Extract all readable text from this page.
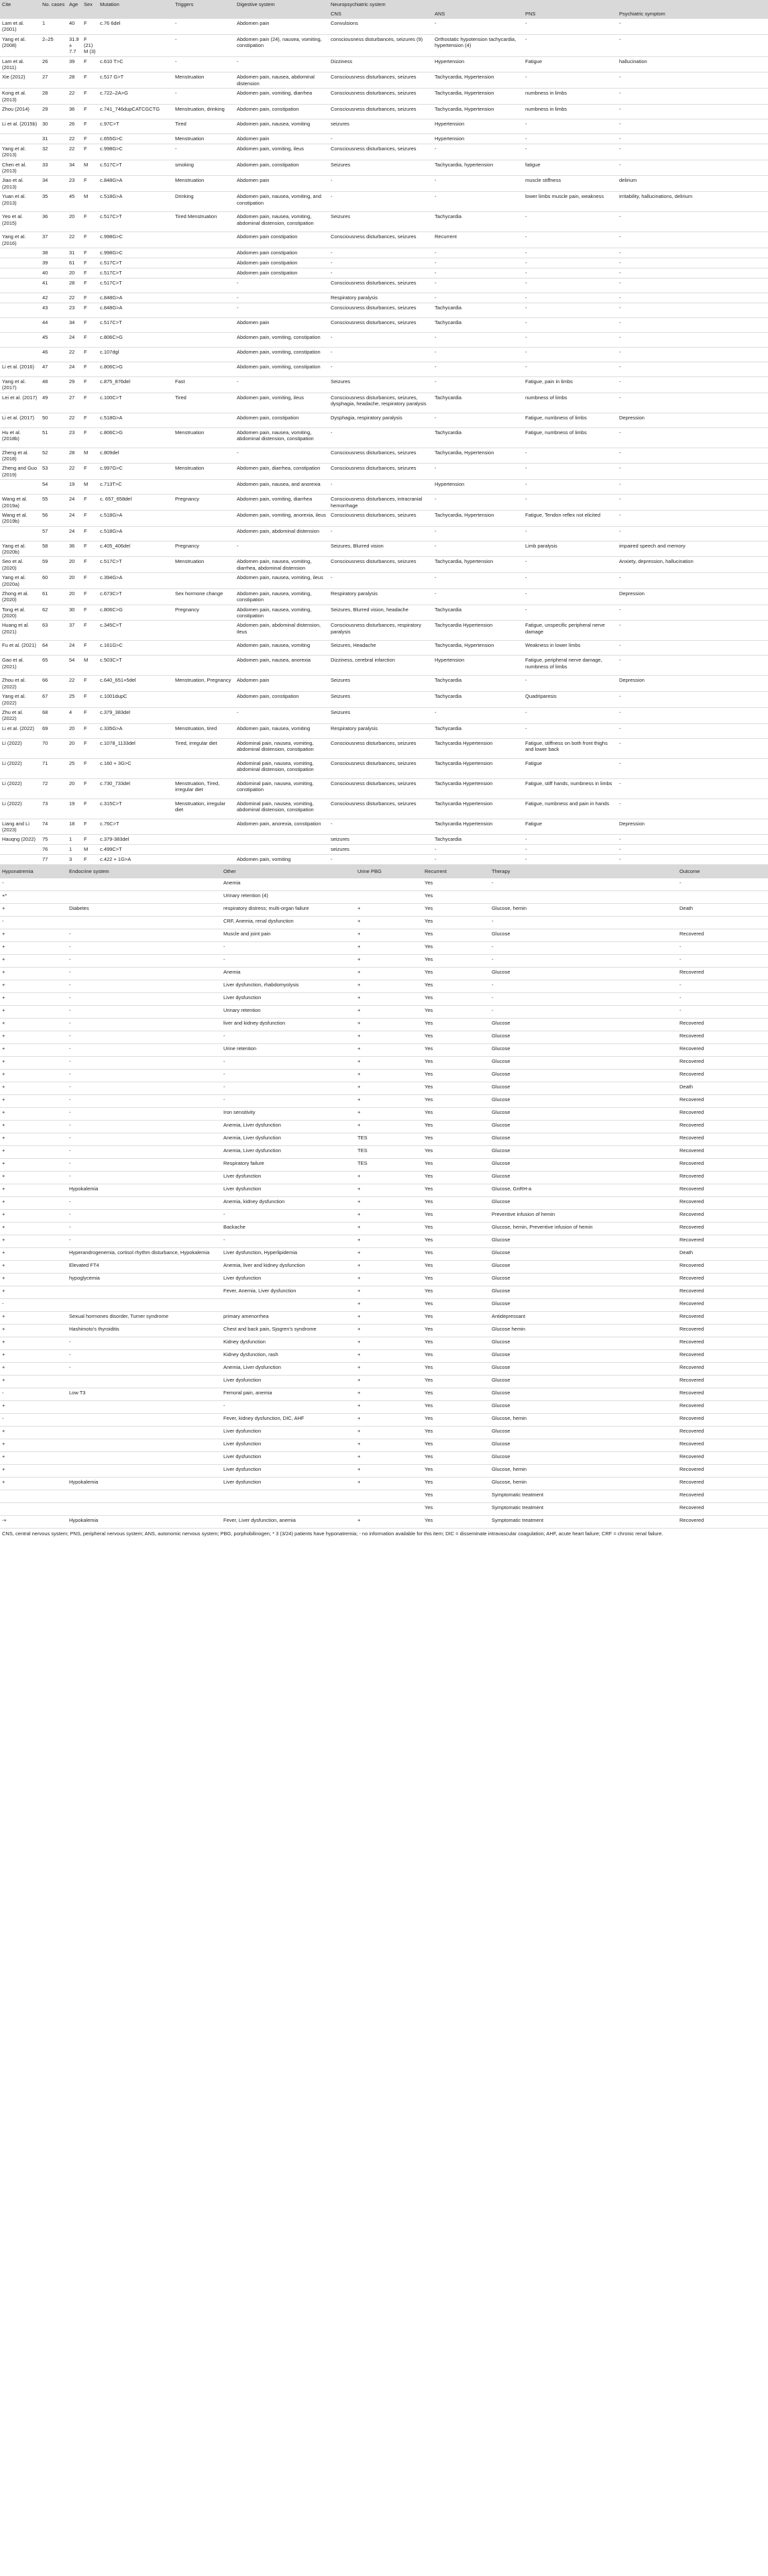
Cite	No. cases	Age	Sex	Mutation	Triggers	Digestive system	Neuropsychiatric system			
							CNS	ANS	PNS	Psychiatric symptom
Lam et al. (2001)	1	40	F	c.76 6del	-	Abdomen pain	Convulsions	-	-	-
Yang et al. (2008)	2–25	31.9 ± 7.7	F (21) M (3)		-	Abdomen pain (24), nausea, vomiting, constipation	consciousness disturbances, seizures (9)	Orthostatic hypotension tachycardia, hypertension (4)	-	-
Lam et al. (2011)	26	39	F	c.610 T>C	-	-	Dizziness	Hypertension	Fatigue	hallucination
Xie (2012)	27	28	F	c.517 G>T	Menstruation	Abdomen pain, nausea, abdominal distension	Consciousness disturbances, seizures	Tachycardia, Hypertension	-	-
Kong et al. (2013)	28	22	F	c.722–2A>G	-	Abdomen pain, vomiting, diarrhea	Consciousness disturbances, seizures	Tachycardia, Hypertension	numbness in limbs	-
Zhou (2014)	29	36	F	c.741_746dupCATCGCTG	Menstruation, drinking	Abdomen pain, constipation	Consciousness disturbances, seizures	Tachycardia, Hypertension	numbness in limbs	-
Li et al. (2015b)	30	26	F	c.97C>T	Tired	Abdomen pain, nausea, vomiting	seizures	Hypertension	-	-
	31	22	F	c.655G>C	Menstruation	Abdomen pain	-	Hypertension	-	-
Yang et al. (2013)	32	22	F	c.998G>C	-	Abdomen pain, vomiting, ileus	Consciousness disturbances, seizures	-	-	-
Chen et al. (2013)	33	34	M	c.517C>T	smoking	Abdomen pain, constipation	Seizures	Tachycardia, hypertension	fatigue	-
Jiao et al. (2013)	34	23	F	c.848G>A	Menstruation	Abdomen pain	-	-	muscle stiffness	delirium
Yuan et al. (2013)	35	45	M	c.518G>A	Drinking	Abdomen pain, nausea, vomiting, and constipation	-	-	lower limbs muscle pain, weakness	irritability, hallucinations, delirium
Yeo et al. (2015)	36	20	F	c.517C>T	Tired Menstruation	Abdomen pain, nausea, vomiting, abdominal distension, constipation	Seizures	Tachycardia	-	-
Yang et al. (2016)	37	22	F	c.998G>C		Abdomen pain constipation	Consciousness disturbances, seizures	Recurrent	-	-
	38	31	F	c.998G>C		Abdomen pain constipation	-	-	-	-
	39	61	F	c.517C>T		Abdomen pain constipation	-	-	-	-
	40	20	F	c.517C>T		Abdomen pain constipation	-	-	-	-
	41	28	F	c.517C>T		-	Consciousness disturbances, seizures	-	-	-
	42	22	F	c.848G>A		-	Respiratory paralysis	-	-	-
	43	23	F	c.848G>A		-	Consciousness disturbances, seizures	Tachycardia	-	-
	44	34	F	c.517C>T		Abdomen pain	Consciousness disturbances, seizures	Tachycardia	-	-
	45	24	F	c.806C>G		Abdomen pain, vomiting, constipation	-	-	-	-
	46	22	F	c.107dgl		Abdomen pain, vomiting, constipation	-	-	-	-
Li et al. (2016)	47	24	F	c.806C>G		Abdomen pain, vomiting, constipation	-	-	-	-
Yang et al. (2017)	48	29	F	c.875_876del	Fast	-	Seizures	-	Fatigue, pain in limbs	-
Lei et al. (2017)	49	27	F	c.100C>T	Tired	Abdomen pain, vomiting, ileus	Consciousness disturbances, seizures, dysphagia, headache, respiratory paralysis	Tachycardia	numbness of limbs	-
Li et al. (2017)	50	22	F	c.518G>A		Abdomen pain, constipation	Dysphagia, respiratory paralysis	-	Fatigue, numbness of limbs	Depression
Hu et al. (2018b)	51	23	F	c.806C>G	Menstruation	Abdomen pain, nausea, vomiting, abdominal distension, constipation	-	Tachycardia	Fatigue, numbness of limbs	-
Zheng et al. (2018)	52	28	M	c.809del		-	Consciousness disturbances, seizures	Tachycardia, Hypertension	-	-
Zheng and Guo (2019)	53	22	F	c.997G>C	Menstruation	Abdomen pain, diarrhea, constipation	Consciousness disturbances, seizures	-	-	-
	54	19	M	c.713T>C		Abdomen pain, nausea, and anorexia	-	Hypertension	-	-
Wang et al. (2019a)	55	24	F	c. 657_658del	Pregnancy	Abdomen pain, vomiting, diarrhea	Consciousness disturbances, intracranial hemorrhage	-	-	-
Wang et al. (2019b)	56	24	F	c.518G>A		Abdomen pain, vomiting, anorexia, ileus	Consciousness disturbances, seizures	Tachycardia, Hypertension	Fatigue, Tendon reflex not elicited	-
	57	24	F	c.518G>A		Abdomen pain, abdominal distension	-	-	-	-
Yang et al. (2020b)	58	36	F	c.405_406del	Pregnancy	-	Seizures, Blurred vision	-	Limb paralysis	impaired speech and memory
Seo et al. (2020)	59	20	F	c.517C>T	Menstruation	Abdomen pain, nausea, vomiting, diarrhea, abdominal distension	Consciousness disturbances, seizures	Tachycardia, hypertension	-	Anxiety, depression, hallucination
Yang et al. (2020a)	60	20	F	c.394G>A		Abdomen pain, nausea, vomiting, ileus	-	-	-	-
Zhong et al. (2020)	61	20	F	c.673C>T	Sex hormone change	Abdomen pain, nausea, vomiting, constipation	Respiratory paralysis	-	-	Depression
Tong et al. (2020)	62	30	F	c.806C>G	Pregnancy	Abdomen pain, nausea, vomiting, constipation	Seizures, Blurred vision, headache	Tachycardia	-	-
Huang et al. (2021)	63	37	F	c.345C>T		Abdomen pain, abdominal distension, ileus	Consciousness disturbances, respiratory paralysis	Tachycardia Hypertension	Fatigue, unspecific peripheral nerve damage	-
Fu et al. (2021)	64	24	F	c.161G>C		Abdomen pain, nausea, vomiting	Seizures, Headache	Tachycardia, Hypertension	Weakness in lower limbs	-
Gao et al. (2021)	65	54	M	c.503C>T		Abdomen pain, nausea, anorexia	Dizziness, cerebral infarction	Hypertension	Fatigue, peripheral nerve damage, numbness of limbs	-
Zhou et al. (2022)	66	22	F	c.640_651+5del	Menstruation, Pregnancy	Abdomen pain	Seizures	Tachycardia	-	Depression
Yang et al. (2022)	67	25	F	c.1001dupC		Abdomen pain, constipation	Seizures	Tachycardia	Quadriparesis	-
Zhu et al. (2022)	68	4	F	c.379_383del		-	Seizures	-	-	-
Li et al. (2022)	69	20	F	c.335G>A	Menstruation, tired	Abdomen pain, nausea, vomiting	Respiratory paralysis	Tachycardia	-	-
Li (2022)	70	20	F	c.1078_1133del	Tired, irregular diet	Abdominal pain, nausea, vomiting, abdominal distension, constipation	Consciousness disturbances, seizures	Tachycardia Hypertension	Fatigue, stiffness on both front thighs and lower back	-
Li (2022)	71	25	F	c.160 + 3G>C		Abdominal pain, nausea, vomiting, abdominal distension, constipation	Consciousness disturbances, seizures	Tachycardia Hypertension	Fatigue	-
Li (2022)	72	20	F	c.730_733del	Menstruation, Tired, irregular diet	Abdominal pain, nausea, vomiting, constipation	Consciousness disturbances, seizures	Tachycardia Hypertension	Fatigue, stiff hands, numbness in limbs	-
Li (2022)	73	19	F	c.315C>T	Menstruation, irregular diet	Abdominal pain, nausea, vomiting, abdominal distension, constipation	Consciousness disturbances, seizures	Tachycardia Hypertension	Fatigue, numbness and pain in hands	-
Liang and Li (2023)	74	18	F	c.76C>T		Abdomen pain, anorexia, constipation	-	Tachycardia Hypertension	Fatigue	Depression
Hauqng (2022)	75	1	F	c.379-383del			seizures	Tachycardia	-	-
	76	1	M	c.499C>T			seizures	-	-	-
	77	3	F	c.422 + 1G>A		Abdomen pain, vomiting	-	-	-	-
Hyponatremia	Endocrine system	Other	Urine PBG	Recurrent	Therapy	Outcome
-		Anemia		Yes	-	-
+*		Urinary retention (4)		Yes		
+	Diabetes	respiratory distress; multi-organ failure	+	Yes	Glucose, hemin	Death
-		CRF, Anemia, renal dysfunction	+	Yes	-	
+	-	Muscle and joint pain	+	Yes	Glucose	Recovered
+	-	-	+	Yes	-	-
+	-	-	+	Yes	-	-
+	-	Anemia	+	Yes	Glucose	Recovered
+	-	Liver dysfunction, rhabdomyolysis	+	Yes	-	-
+	-	Liver dysfunction	+	Yes	-	-
+	-	Urinary retention	+	Yes	-	-
+	-	liver and kidney dysfunction	+	Yes	Glucose	Recovered
+	-	-	+	Yes	Glucose	Recovered
+	-	Urine retention	+	Yes	Glucose	Recovered
+	-	-	+	Yes	Glucose	Recovered
+	-	-	+	Yes	Glucose	Recovered
+	-	-	+	Yes	Glucose	Death
+	-	-	+	Yes	Glucose	Recovered
+	-	Iron sensitivity	+	Yes	Glucose	Recovered
+	-	Anemia, Liver dysfunction	+	Yes	Glucose	Recovered
+	-	Anemia, Liver dysfunction	TES	Yes	Glucose	Recovered
+	-	Anemia, Liver dysfunction	TES	Yes	Glucose	Recovered
+	-	Respiratory failure	TES	Yes	Glucose	Recovered
+	-	Liver dysfunction	+	Yes	Glucose	Recovered
+	Hypokalemia	Liver dysfunction	+	Yes	Glucose, GnRH-a	Recovered
+	-	Anemia, kidney dysfunction	+	Yes	Glucose	Recovered
+	-	-	+	Yes	Preventive infusion of hemin	Recovered
+	-	Backache	+	Yes	Glucose, hemin, Preventive infusion of hemin	Recovered
+	-	-	+	Yes	Glucose	Recovered
+	Hyperandrogenemia, cortisol rhythm disturbance, Hypokalemia	Liver dysfunction, Hyperlipidemia	+	Yes	Glucose	Death
+	Elevated FT4	Anemia, liver and kidney dysfunction	+	Yes	Glucose	Recovered
+	hypoglycemia	Liver dysfunction	+	Yes	Glucose	Recovered
+		Fever, Anemia, Liver dysfunction	+	Yes	Glucose	Recovered
-			+	Yes	Glucose	Recovered
+	Sexual hormones disorder, Turner syndrome	primary amenorrhea	+	Yes	Antidepressant	Recovered
+	Hashimoto's thyroiditis	Chest and back pain, Sjogren's syndrome	+	Yes	Glucose hemin	Recovered
+	-	Kidney dysfunction	+	Yes	Glucose	Recovered
+	-	Kidney dysfunction, rash	+	Yes	Glucose	Recovered
+	-	Anemia, Liver dysfunction	+	Yes	Glucose	Recovered
+		Liver dysfunction	+	Yes	Glucose	Recovered
-	Low T3	Femoral pain, anemia	+	Yes	Glucose	Recovered
+		-	+	Yes	Glucose	Recovered
-		Fever, kidney dysfunction, DIC, AHF	+	Yes	Glucose, hemin	Recovered
+		Liver dysfunction	+	Yes	Glucose	Recovered
+		Liver dysfunction	+	Yes	Glucose	Recovered
+		Liver dysfunction	+	Yes	Glucose	Recovered
+		Liver dysfunction	+	Yes	Glucose, hemin	Recovered
+	Hypokalemia	Liver dysfunction	+	Yes	Glucose, hemin	Recovered
				Yes	Symptomatic treatment	Recovered
				Yes	Symptomatic treatment	Recovered
-+	Hypokalemia	Fever, Liver dysfunction, anemia	+	Yes	Symptomatic treatment	Recovered
CNS, central nervous system; PNS, peripheral nervous system; ANS, autonomic nervous system; PBG, porphobilinogen; * 3 (3/24) patients have hyponatremia; - no information available for this item; DIC = disseminate intravascular coagulation; AHF, acute heart failure; CRF = chronic renal failure.
